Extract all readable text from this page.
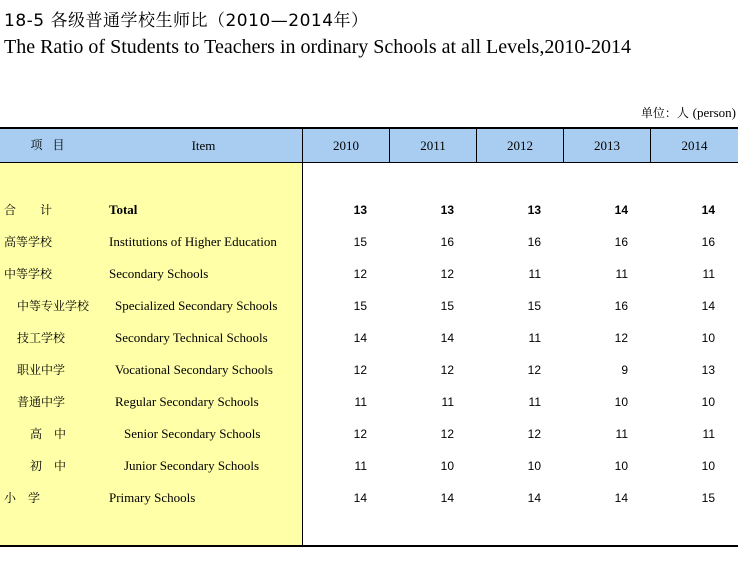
18-5 各级普通学校生师比（2010—2014年）
The Ratio of Students to Teachers in ordinary Schools at all Levels,2010-2014
单位：人 (person)
项目	Item	2010	2011	2012	2013	2014
合　　计	Total	13	13	13	14	14
高等学校	Institutions of Higher Education	15	16	16	16	16
中等学校	Secondary Schools	12	12	11	11	11
中等专业学校 Specialized Secondary Schools	15	15	15	16	14
技工学校	Secondary Technical Schools	14	14	11	12	10
职业中学	Vocational Secondary Schools	12	12	12	9	13
普通中学	Regular Secondary Schools	11	11	11	10	10
高　中	Senior Secondary Schools	12	12	12	11	11
初　中	Junior Secondary Schools	11	10	10	10	10
小　学	Primary Schools	14	14	14	14	15
